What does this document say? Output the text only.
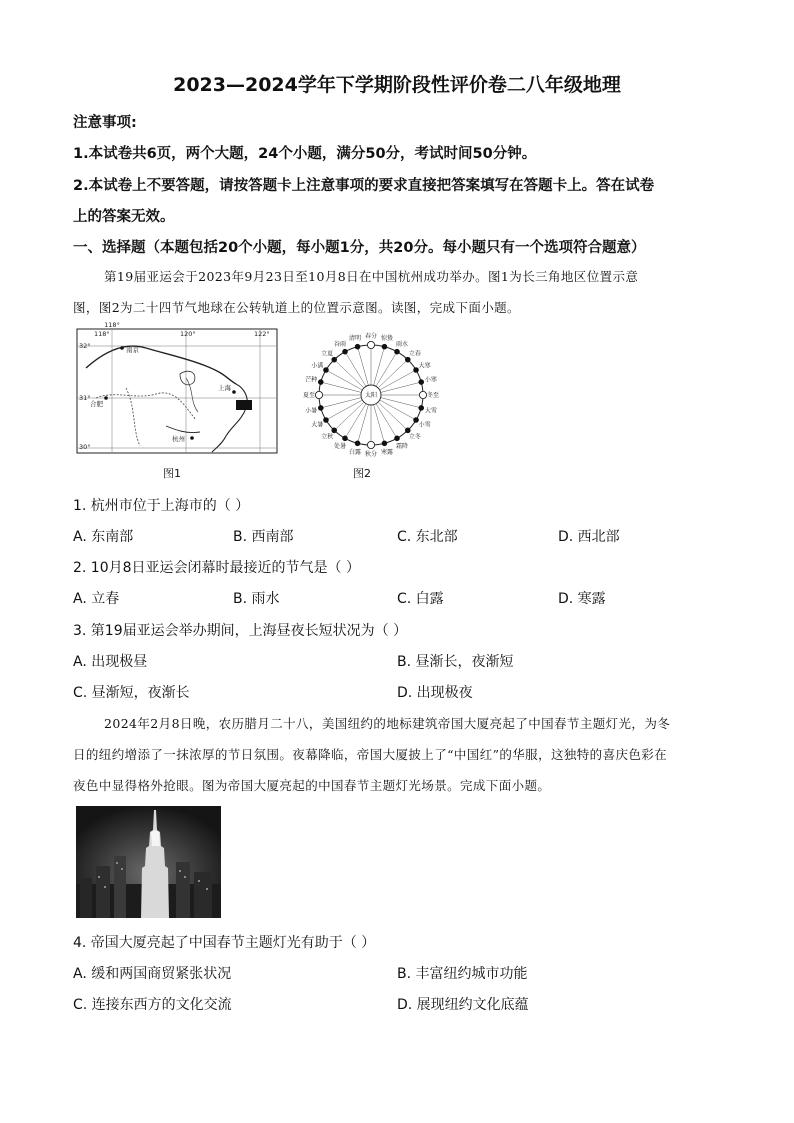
2023—2024学年下学期阶段性评价卷二八年级地理
注意事项:
1.本试卷共6页，两个大题，24个小题，满分50分，考试时间50分钟。
2.本试卷上不要答题，请按答题卡上注意事项的要求直接把答案填写在答题卡上。答在试卷
上的答案无效。
一、选择题（本题包括20个小题，每小题1分，共20分。每小题只有一个选项符合题意）
第19届亚运会于2023年9月23日至10月8日在中国杭州成功举办。图1为长三角地区位置示意
图，图2为二十四节气地球在公转轨道上的位置示意图。读图，完成下面小题。
118°
118°	120°	122°
32°
31°
30°
南京
上海
合肥
杭州
图1
太阳
春分
清明
谷雨
立夏
小满
芒种
夏至
小暑
大暑
立秋
处暑
白露 秋分 寒露
霜降
立冬
小雪
大雪
冬至
小寒
大寒
立春
雨水
惊蛰
图2
1. 杭州市位于上海市的（ ）
A. 东南部	B. 西南部	C. 东北部	D. 西北部
2. 10月8日亚运会闭幕时最接近的节气是（ ）
A. 立春	B. 雨水	C. 白露	D. 寒露
3. 第19届亚运会举办期间，上海昼夜长短状况为（ ）
A. 出现极昼	B. 昼渐长，夜渐短
C. 昼渐短，夜渐长	D. 出现极夜
2024年2月8日晚，农历腊月二十八，美国纽约的地标建筑帝国大厦亮起了中国春节主题灯光，为冬
日的纽约增添了一抹浓厚的节日氛围。夜幕降临，帝国大厦披上了“中国红”的华服，这独特的喜庆色彩在
夜色中显得格外抢眼。图为帝国大厦亮起的中国春节主题灯光场景。完成下面小题。
4. 帝国大厦亮起了中国春节主题灯光有助于（ ）
A. 缓和两国商贸紧张状况	B. 丰富纽约城市功能
C. 连接东西方的文化交流	D. 展现纽约文化底蕴
